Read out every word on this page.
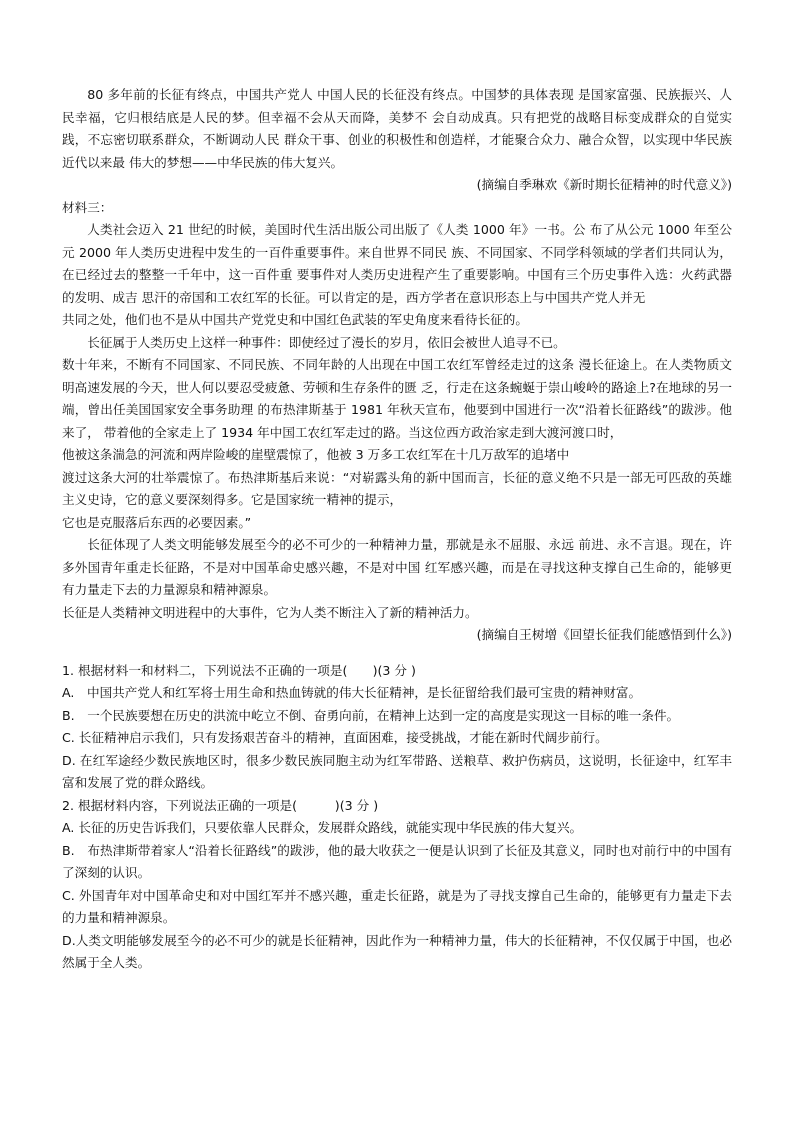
80 多年前的长征有终点，中国共产党人 中国人民的长征没有终点。中国梦的具体表现 是国家富强、民族振兴、人民幸福，它归根结底是人民的梦。但幸福不会从天而降，美梦不 会自动成真。只有把党的战略目标变成群众的自觉实践，不忘密切联系群众，不断调动人民 群众干事、创业的积极性和创造样，才能聚合众力、融合众智，以实现中华民族近代以来最 伟大的梦想——中华民族的伟大复兴。

(摘编自季琳欢《新时期长征精神的时代意义》)

材料三：

人类社会迈入 21 世纪的时候，美国时代生活出版公司出版了《人类 1000 年》一书。公 布了从公元 1000 年至公元 2000 年人类历史进程中发生的一百件重要事件。来自世界不同民 族、不同国家、不同学科领域的学者们共同认为，在已经过去的整整一千年中，这一百件重 要事件对人类历史进程产生了重要影响。中国有三个历史事件入选：火药武器的发明、成吉 思汗的帝国和工农红军的长征。可以肯定的是，西方学者在意识形态上与中国共产党人并无

共同之处，他们也不是从中国共产党党史和中国红色武装的军史角度来看待长征的。

长征属于人类历史上这样一种事件：即使经过了漫长的岁月，依旧会被世人追寻不已。

数十年来，不断有不同国家、不同民族、不同年龄的人出现在中国工农红军曾经走过的这条 漫长征途上。在人类物质文明高速发展的今天，世人何以要忍受疲惫、劳顿和生存条件的匮 乏，行走在这条蜿蜒于崇山峻岭的路途上?在地球的另一端，曾出任美国国家安全事务助理 的布热津斯基于 1981 年秋天宣布，他要到中国进行一次“沿着长征路线”的跋涉。他来了， 带着他的全家走上了 1934 年中国工农红军走过的路。当这位西方政治家走到大渡河渡口时，

他被这条湍急的河流和两岸险峻的崖壁震惊了，他被 3 万多工农红军在十几万敌军的追堵中

渡过这条大河的壮举震惊了。布热津斯基后来说：“对崭露头角的新中国而言，长征的意义绝不只是一部无可匹敌的英雄主义史诗，它的意义要深刻得多。它是国家统一精神的提示，

它也是克服落后东西的必要因素。”

长征体现了人类文明能够发展至今的必不可少的一种精神力量，那就是永不屈服、永远 前进、永不言退。现在，许多外国青年重走长征路，不是对中国革命史感兴趣，不是对中国 红军感兴趣，而是在寻找这种支撑自己生命的，能够更有力量走下去的力量源泉和精神源泉。

长征是人类精神文明进程中的大事件，它为人类不断注入了新的精神活力。

(摘编自王树增《回望长征我们能感悟到什么》)

1. 根据材料一和材料二，下列说法不正确的一项是(　　)(3 分 )

A.　中国共产党人和红军将士用生命和热血铸就的伟大长征精神，是长征留给我们最可宝贵的精神财富。

B.　一个民族要想在历史的洪流中屹立不倒、奋勇向前，在精神上达到一定的高度是实现这一目标的唯一条件。

C. 长征精神启示我们，只有发扬艰苦奋斗的精神，直面困难，接受挑战，才能在新时代阔步前行。

D. 在红军途经少数民族地区时，很多少数民族同胞主动为红军带路、送粮草、救护伤病员，这说明，长征途中，红军丰富和发展了党的群众路线。

2. 根据材料内容，下列说法正确的一项是(　　　)(3 分 )

A. 长征的历史告诉我们，只要依靠人民群众，发展群众路线，就能实现中华民族的伟大复兴。

B.　布热津斯带着家人“沿着长征路线”的跋涉，他的最大收获之一便是认识到了长征及其意义，同时也对前行中的中国有了深刻的认识。

C. 外国青年对中国革命史和对中国红军并不感兴趣，重走长征路，就是为了寻找支撑自己生命的，能够更有力量走下去的力量和精神源泉。

D.人类文明能够发展至今的必不可少的就是长征精神，因此作为一种精神力量，伟大的长征精神，不仅仅属于中国，也必然属于全人类。
